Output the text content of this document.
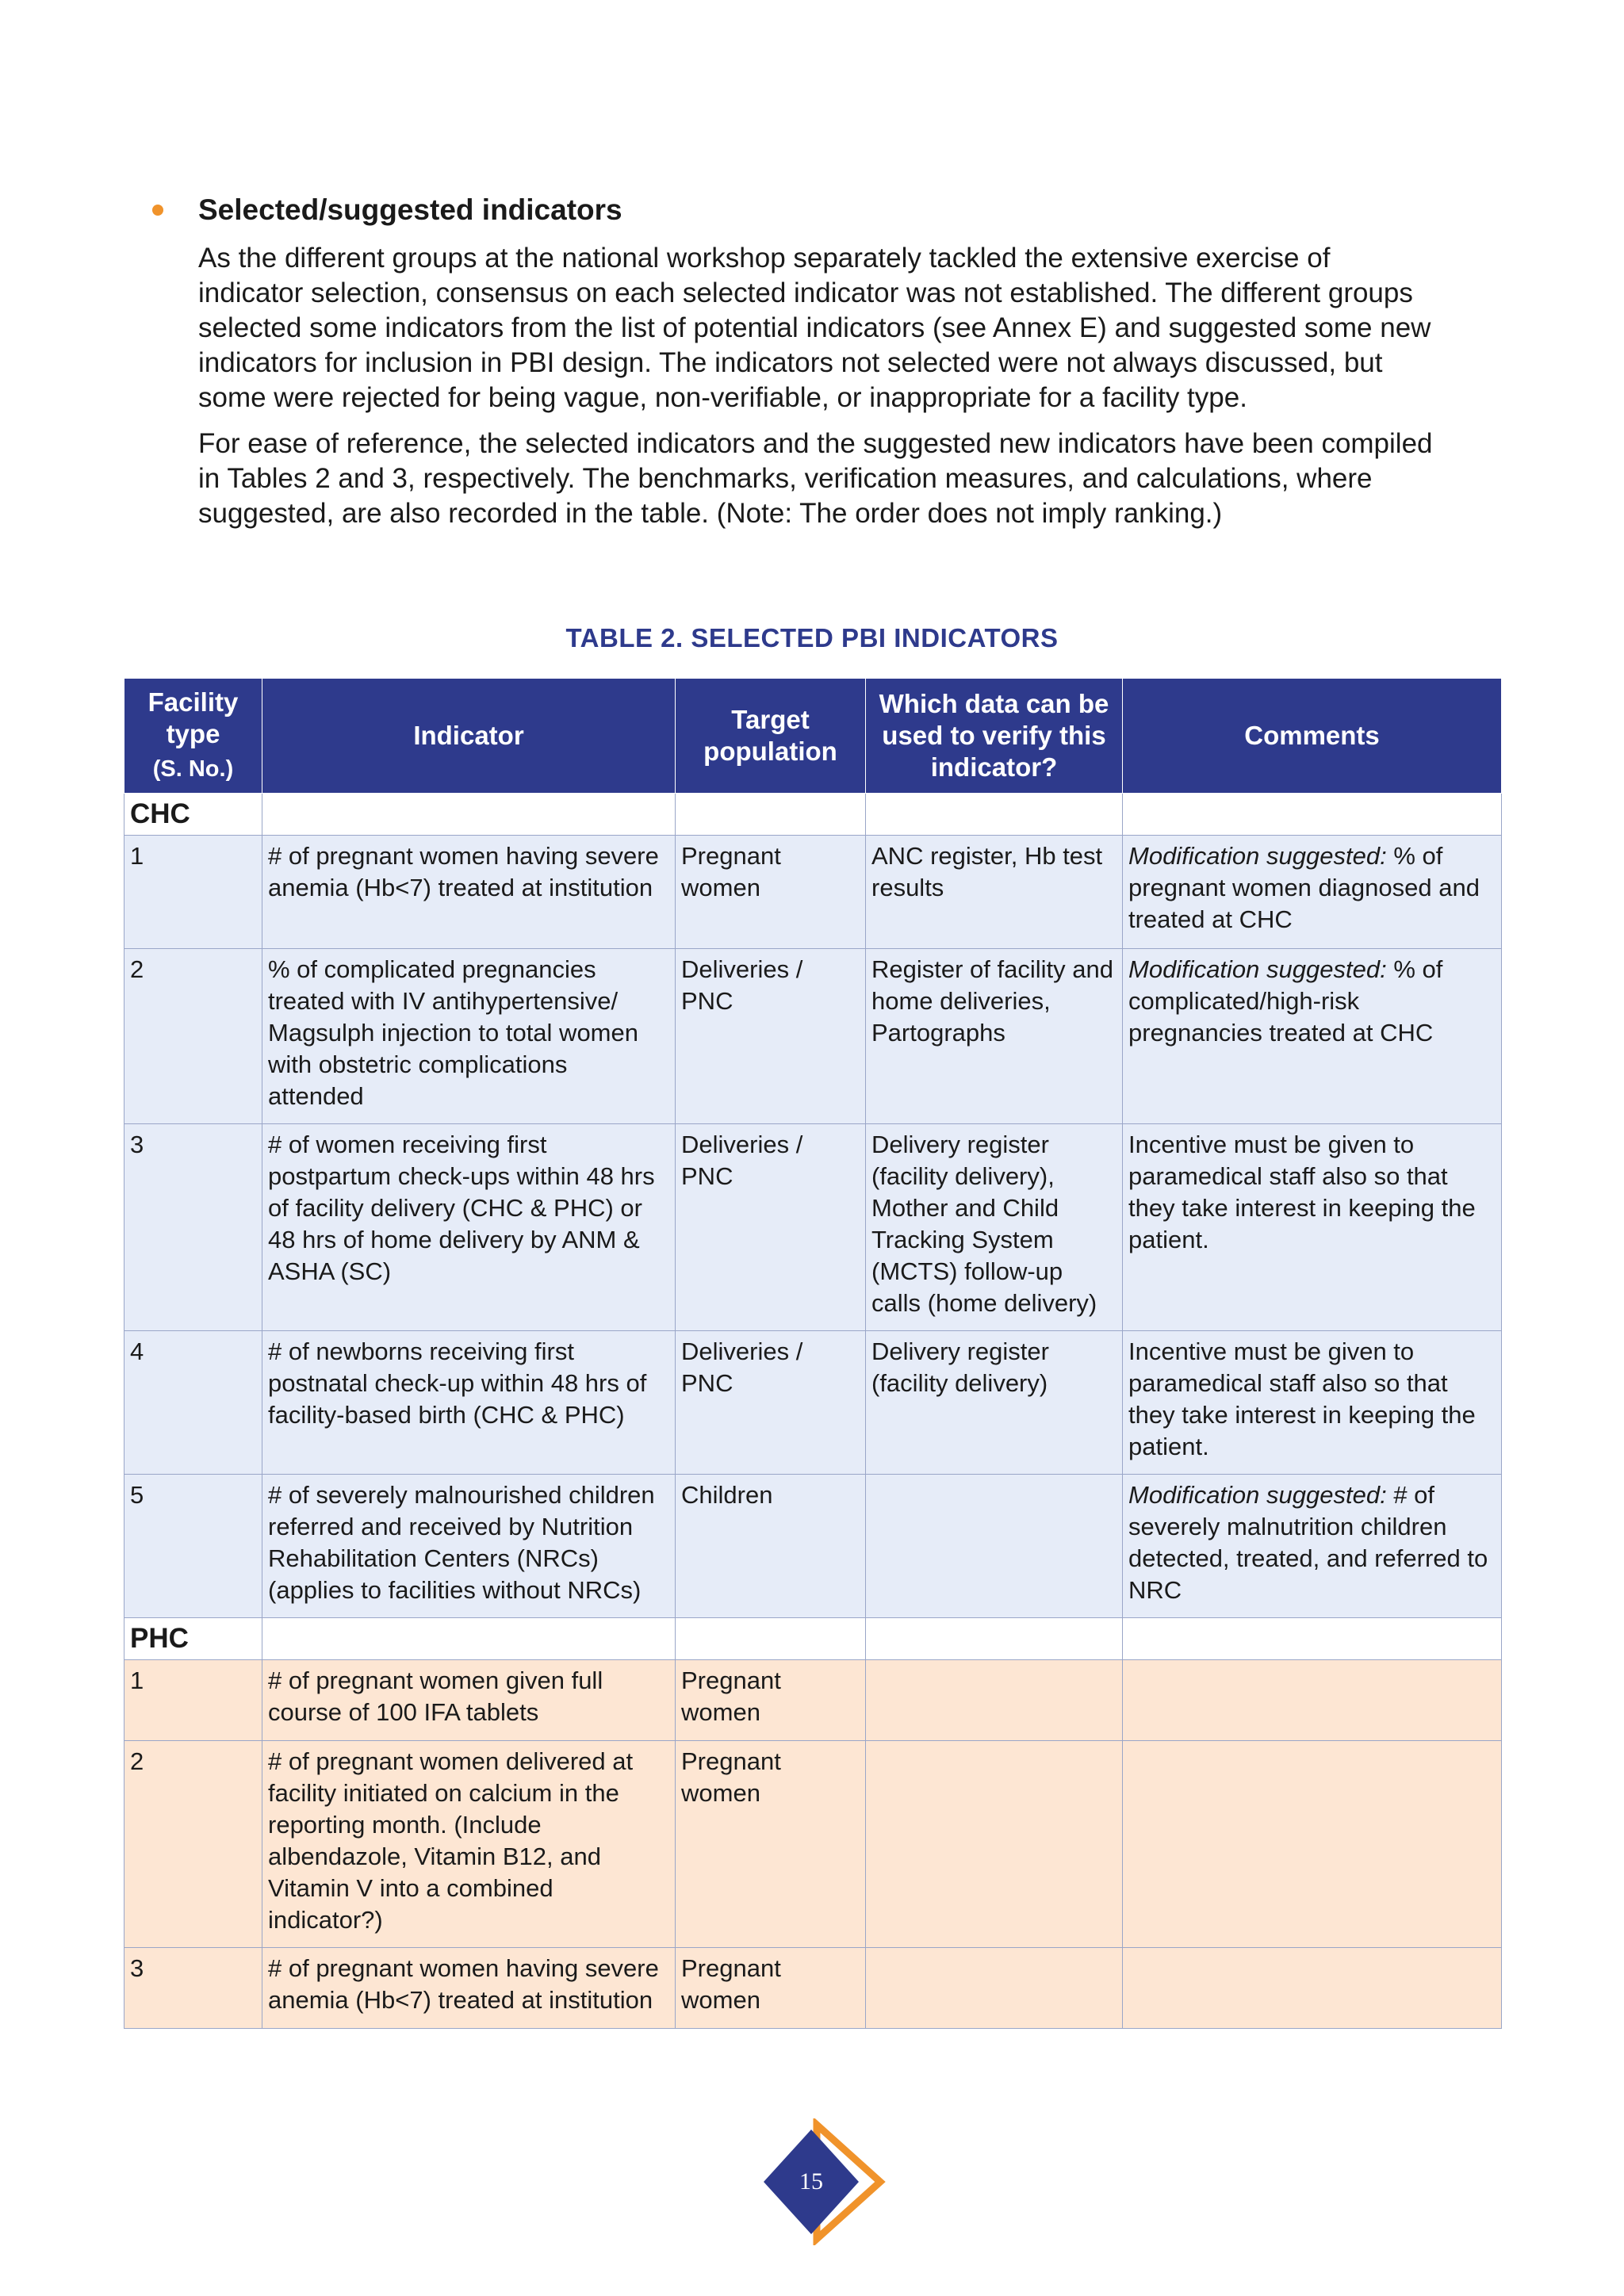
Selected/suggested indicators

As the different groups at the national workshop separately tackled the extensive exercise of indicator selection, consensus on each selected indicator was not established. The different groups selected some indicators from the list of potential indicators (see Annex E) and suggested some new indicators for inclusion in PBI design. The indicators not selected were not always discussed, but some were rejected for being vague, non-verifiable, or inappropriate for a facility type.

For ease of reference, the selected indicators and the suggested new indicators have been compiled in Tables 2 and 3, respectively. The benchmarks, verification measures, and calculations, where suggested, are also recorded in the table. (Note: The order does not imply ranking.)

TABLE 2. SELECTED PBI INDICATORS
Facility type
(S. No.)	Indicator	Target population	Which data can be used to verify this indicator?	Comments
CHC				
1	# of pregnant women having severe anemia (Hb<7) treated at institution	Pregnant women	ANC register, Hb test results	Modification suggested: % of pregnant women diagnosed and treated at CHC
2	% of complicated pregnancies treated with IV antihypertensive/ Magsulph injection to total women with obstetric complications attended	Deliveries / PNC	Register of facility and home deliveries, Partographs	Modification suggested: % of complicated/high-risk pregnancies treated at CHC
3	# of women receiving first postpartum check-ups within 48 hrs of facility delivery (CHC & PHC) or 48 hrs of home delivery by ANM & ASHA (SC)	Deliveries / PNC	Delivery register (facility delivery), Mother and Child Tracking System (MCTS) follow-up calls (home delivery)	Incentive must be given to paramedical staff also so that they take interest in keeping the patient.
4	# of newborns receiving first postnatal check-up within 48 hrs of facility-based birth (CHC & PHC)	Deliveries / PNC	Delivery register (facility delivery)	Incentive must be given to paramedical staff also so that they take interest in keeping the patient.
5	# of severely malnourished children referred and received by Nutrition Rehabilitation Centers (NRCs) (applies to facilities without NRCs)	Children		Modification suggested: # of severely malnutrition children detected, treated, and referred to NRC
PHC				
1	# of pregnant women given full course of 100 IFA tablets	Pregnant women		
2	# of pregnant women delivered at facility initiated on calcium in the reporting month. (Include albendazole, Vitamin B12, and Vitamin V into a combined indicator?)	Pregnant women		
3	# of pregnant women having severe anemia (Hb<7) treated at institution	Pregnant women		
15
